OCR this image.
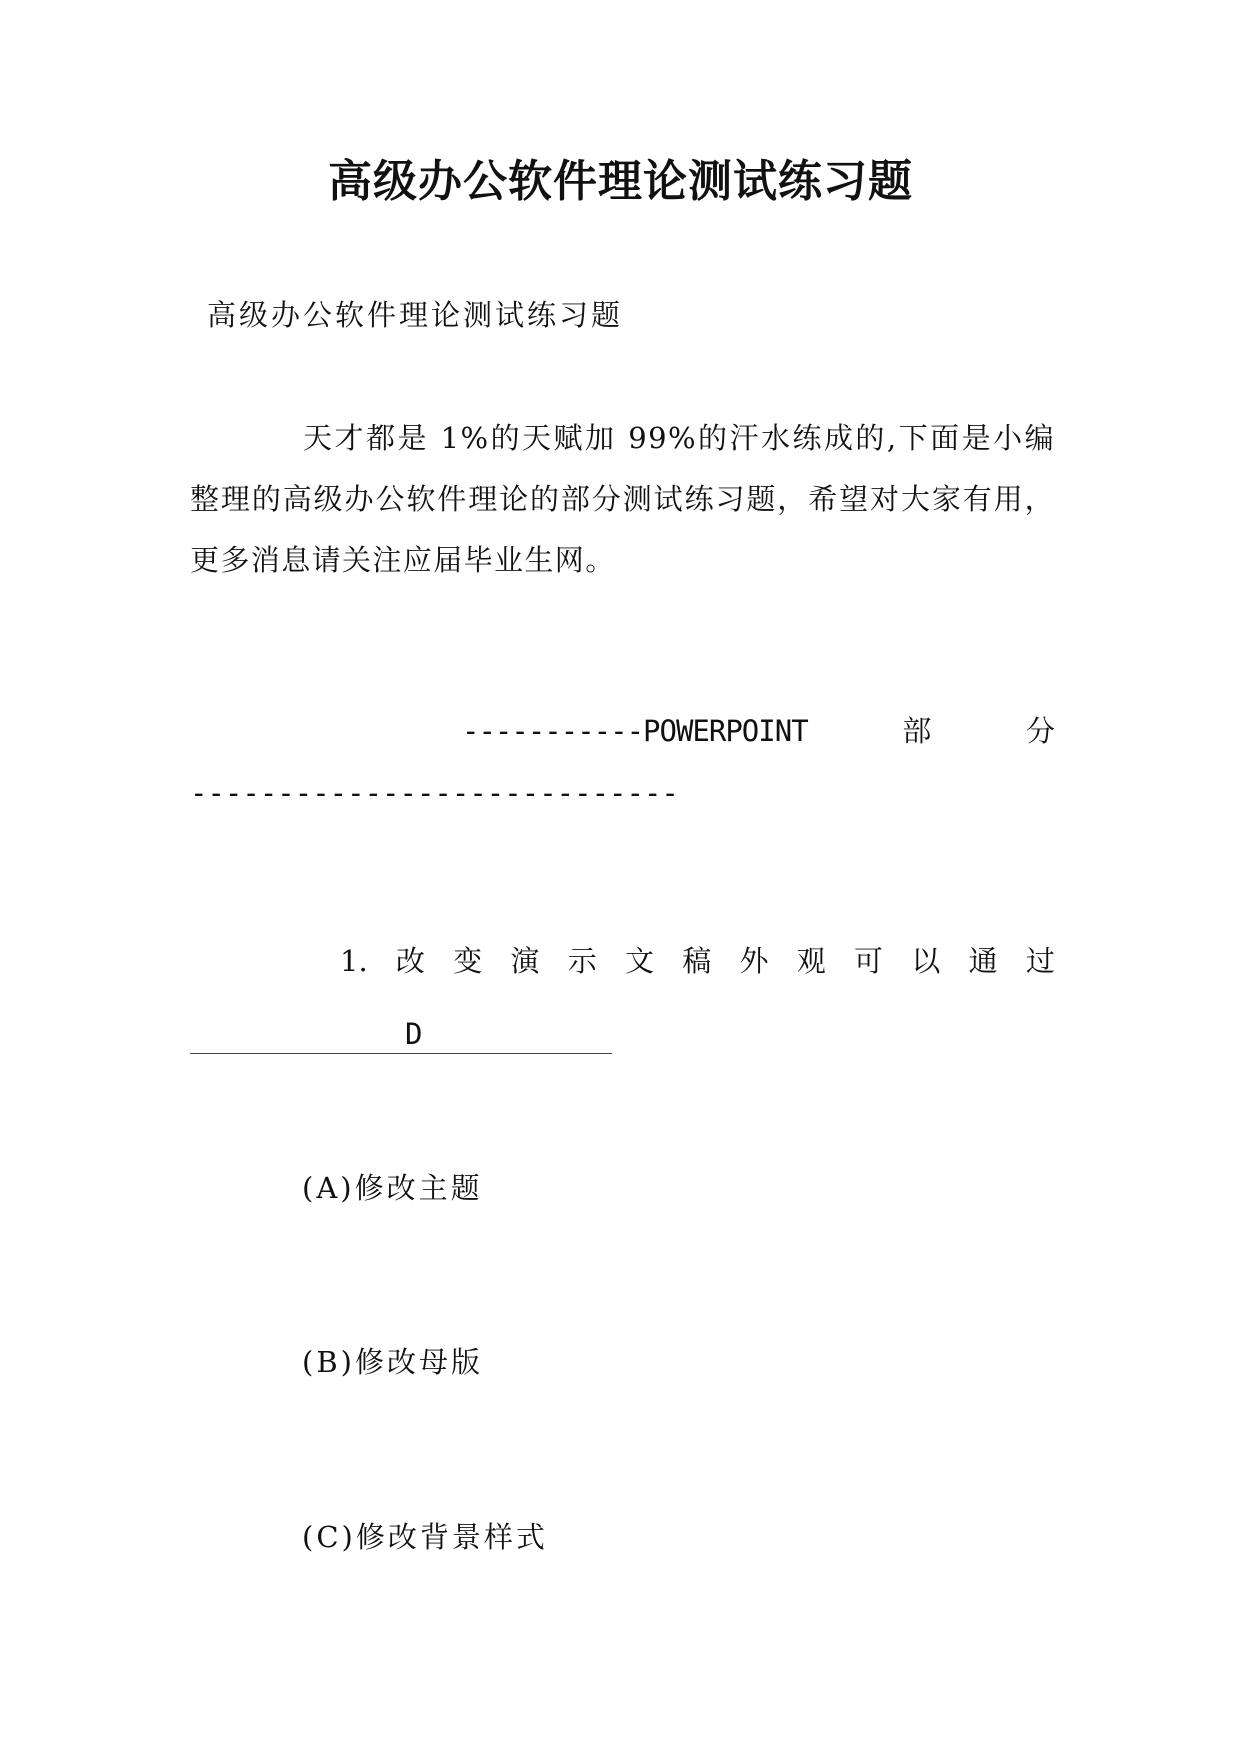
高级办公软件理论测试练习题
高级办公软件理论测试练习题
天才都是 1%的天赋加 99%的汗水练成的,下面是小编整理的高级办公软件理论的部分测试练习题，希望对大家有用，更多消息请关注应届毕业生网。
-----------POWERPOINT	部	分
----------------------------
1. 改 变 演 示 文 稿 外 观 可 以 通 过
D
(A)修改主题
(B)修改母版
(C)修改背景样式
